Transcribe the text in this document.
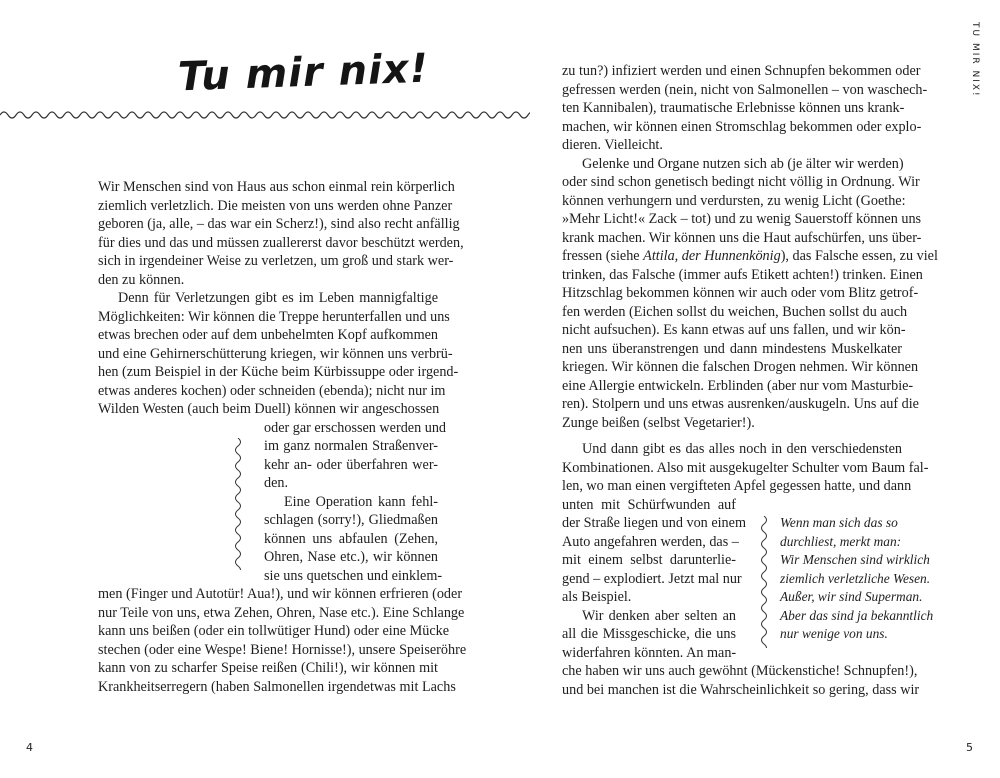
Tu mir nix!	TU MIR NIX!
4	5
Wir Menschen sind von Haus aus schon einmal rein körperlich
ziemlich verletzlich. Die meisten von uns werden ohne Panzer
geboren (ja, alle, – das war ein Scherz!), sind also recht anfällig
für dies und das und müssen zuallererst davor beschützt werden,
sich in irgendeiner Weise zu verletzen, um groß und stark wer-
den zu können.
Denn für Verletzungen gibt es im Leben mannigfaltige
Möglichkeiten: Wir können die Treppe herunterfallen und uns
etwas brechen oder auf dem unbehelmten Kopf aufkommen
und eine Gehirnerschütterung kriegen, wir können uns verbrü-
hen (zum Beispiel in der Küche beim Kürbissuppe oder irgend-
etwas anderes kochen) oder schneiden (ebenda); nicht nur im
Wilden Westen (auch beim Duell) können wir angeschossen
oder gar erschossen werden und
im ganz normalen Straßenver-
kehr an- oder überfahren wer-
den.
Eine Operation kann fehl-
schlagen (sorry!), Gliedmaßen
können uns abfaulen (Zehen,
Ohren, Nase etc.), wir können
sie uns quetschen und einklem-
men (Finger und Autotür! Aua!), und wir können erfrieren (oder
nur Teile von uns, etwa Zehen, Ohren, Nase etc.). Eine Schlange
kann uns beißen (oder ein tollwütiger Hund) oder eine Mücke
stechen (oder eine Wespe! Biene! Hornisse!), unsere Speiseröhre
kann von zu scharfer Speise reißen (Chili!), wir können mit
Krankheitserregern (haben Salmonellen irgendetwas mit Lachs
zu tun?) infiziert werden und einen Schnupfen bekommen oder
gefressen werden (nein, nicht von Salmonellen – von waschech-
ten Kannibalen), traumatische Erlebnisse können uns krank-
machen, wir können einen Stromschlag bekommen oder explo-
dieren. Vielleicht.
Gelenke und Organe nutzen sich ab (je älter wir werden)
oder sind schon genetisch bedingt nicht völlig in Ordnung. Wir
können verhungern und verdursten, zu wenig Licht (Goethe:
»Mehr Licht!« Zack – tot) und zu wenig Sauerstoff können uns
krank machen. Wir können uns die Haut aufschürfen, uns über-
fressen (siehe Attila, der Hunnenkönig ), das Falsche essen, zu viel
trinken, das Falsche (immer aufs Etikett achten!) trinken. Einen
Hitzschlag bekommen können wir auch oder vom Blitz getrof-
fen werden (Eichen sollst du weichen, Buchen sollst du auch
nicht aufsuchen). Es kann etwas auf uns fallen, und wir kön-
nen uns überanstrengen und dann mindestens Muskelkater
kriegen. Wir können die falschen Drogen nehmen. Wir können
eine Allergie entwickeln. Erblinden (aber nur vom Masturbie-
ren). Stolpern und uns etwas ausrenken/auskugeln. Uns auf die
Zunge beißen (selbst Vegetarier!).
Und dann gibt es das alles noch in den verschiedensten
Kombinationen. Also mit ausgekugelter Schulter vom Baum fal-
len, wo man einen vergifteten Apfel gegessen hatte, und dann
unten mit Schürfwunden auf
der Straße liegen und von einem
Auto angefahren werden, das –
mit einem selbst darunterlie-
gend – explodiert. Jetzt mal nur
als Beispiel.
Wir denken aber selten an
all die Missgeschicke, die uns
widerfahren könnten. An man-
che haben wir uns auch gewöhnt (Mückenstiche! Schnupfen!),
und bei manchen ist die Wahrscheinlichkeit so gering, dass wir
Wenn man sich das so
durchliest, merkt man:
Wir Menschen sind wirklich
ziemlich verletzliche Wesen.
Außer, wir sind Superman.
Aber das sind ja bekanntlich
nur wenige von uns.
